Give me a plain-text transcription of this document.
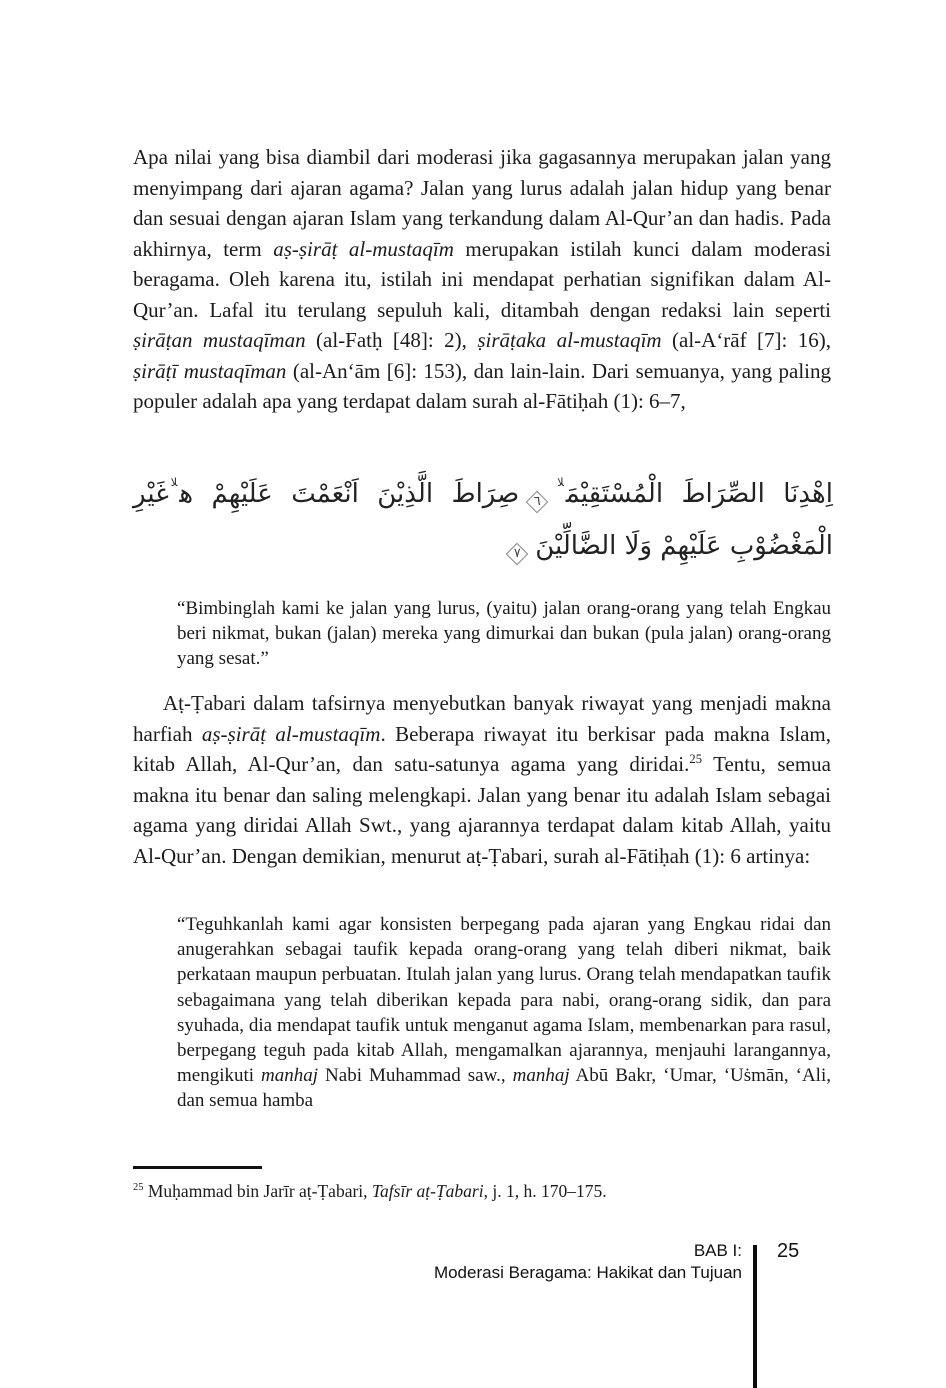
Apa nilai yang bisa diambil dari moderasi jika gagasannya merupakan jalan yang menyimpang dari ajaran agama? Jalan yang lurus adalah jalan hidup yang benar dan sesuai dengan ajaran Islam yang terkandung dalam Al-Qur’an dan hadis. Pada akhirnya, term aṣ-ṣirāṭ al-mustaqīm merupakan istilah kunci dalam moderasi beragama. Oleh karena itu, istilah ini mendapat perhatian signifikan dalam Al-Qur’an. Lafal itu terulang sepuluh kali, ditambah dengan redaksi lain seperti ṣirāṭan mustaqīman (al-Fatḥ [48]: 2), ṣirāṭaka al-mustaqīm (al-A‘rāf [7]: 16), ṣirāṭī mustaqīman (al-An‘ām [6]: 153), dan lain-lain. Dari semuanya, yang paling populer adalah apa yang terdapat dalam surah al-Fātiḥah (1): 6–7,
اِهْدِنَا الصِّرَاطَ الْمُسْتَقِيْمَ$^{لا}$٦صِرَاطَ الَّذِيْنَ اَنْعَمْتَ عَلَيْهِمْ ه$^{لا}$غَيْرِ الْمَغْضُوْبِ عَلَيْهِمْ وَلَا الضَّالِّيْنَ٧
“Bimbinglah kami ke jalan yang lurus, (yaitu) jalan orang-orang yang telah Engkau beri nikmat, bukan (jalan) mereka yang dimurkai dan bukan (pula jalan) orang-orang yang sesat.”
Aṭ-Ṭabari dalam tafsirnya menyebutkan banyak riwayat yang menjadi makna harfiah aṣ-ṣirāṭ al-mustaqīm. Beberapa riwayat itu berkisar pada makna Islam, kitab Allah, Al-Qur’an, dan satu-satunya agama yang diridai.$^{25}$ Tentu, semua makna itu benar dan saling melengkapi. Jalan yang benar itu adalah Islam sebagai agama yang diridai Allah Swt., yang ajarannya terdapat dalam kitab Allah, yaitu Al-Qur’an. Dengan demikian, menurut aṭ-Ṭabari, surah al-Fātiḥah (1): 6 artinya:
“Teguhkanlah kami agar konsisten berpegang pada ajaran yang Engkau ridai dan anugerahkan sebagai taufik kepada orang-orang yang telah diberi nikmat, baik perkataan maupun perbuatan. Itulah jalan yang lurus. Orang telah mendapatkan taufik sebagaimana yang telah diberikan kepada para nabi, orang-orang sidik, dan para syuhada, dia mendapat taufik untuk menganut agama Islam, membenarkan para rasul, berpegang teguh pada kitab Allah, mengamalkan ajarannya, menjauhi larangannya, mengikuti manhaj Nabi Muhammad saw., manhaj Abū Bakr, ‘Umar, ‘Uṡmān, ‘Ali, dan semua hamba
$^{25}$ Muḥammad bin Jarīr aṭ-Ṭabari, Tafsīr aṭ-Ṭabari, j. 1, h. 170–175.
BAB I:
Moderasi Beragama: Hakikat dan Tujuan
25
